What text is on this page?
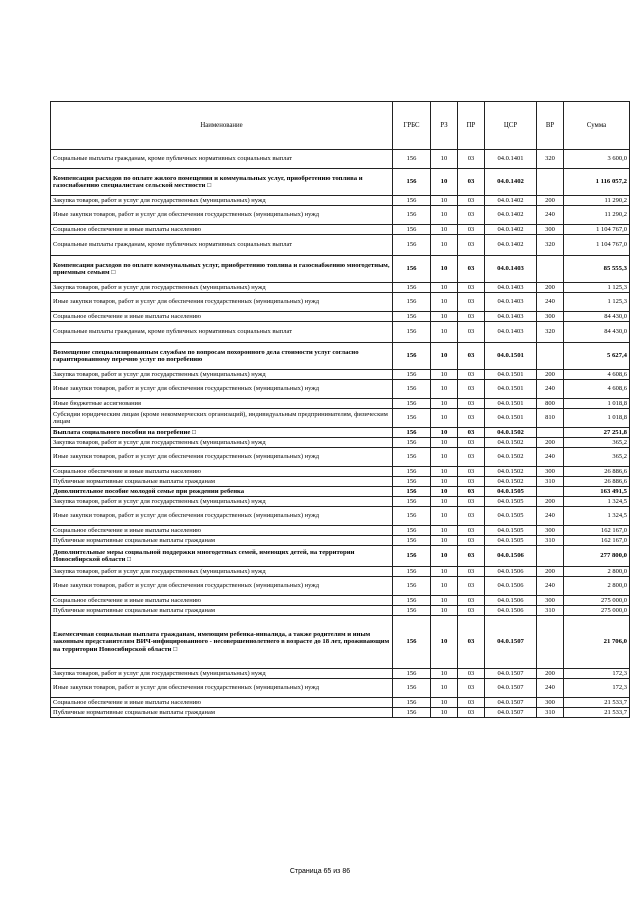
Наименование	ГРБС	РЗ	ПР	ЦСР	ВР	Сумма
Социальные выплаты гражданам, кроме публичных нормативных социальных выплат	156	10	03	04.0.1401	320	3 600,0
Компенсация расходов по оплате жилого помещения и коммунальных услуг, приобретению топлива и газоснабжению специалистам сельской местности □	156	10	03	04.0.1402		1 116 057,2
Закупка товаров, работ и услуг для государственных (муниципальных) нужд	156	10	03	04.0.1402	200	11 290,2
Иные закупки товаров, работ и услуг для обеспечения государственных (муниципальных) нужд	156	10	03	04.0.1402	240	11 290,2
Социальное обеспечение и иные выплаты населению	156	10	03	04.0.1402	300	1 104 767,0
Социальные выплаты гражданам, кроме публичных нормативных социальных выплат	156	10	03	04.0.1402	320	1 104 767,0
Компенсация расходов по оплате коммунальных услуг, приобретению топлива и газоснабжению многодетным, приемным семьям □	156	10	03	04.0.1403		85 555,3
Закупка товаров, работ и услуг для государственных (муниципальных) нужд	156	10	03	04.0.1403	200	1 125,3
Иные закупки товаров, работ и услуг для обеспечения государственных (муниципальных) нужд	156	10	03	04.0.1403	240	1 125,3
Социальное обеспечение и иные выплаты населению	156	10	03	04.0.1403	300	84 430,0
Социальные выплаты гражданам, кроме публичных нормативных социальных выплат	156	10	03	04.0.1403	320	84 430,0
Возмещение специализированным службам по вопросам похоронного дела стоимости услуг согласно гарантированному перечню услуг по погребению	156	10	03	04.0.1501		5 627,4
Закупка товаров, работ и услуг для государственных (муниципальных) нужд	156	10	03	04.0.1501	200	4 608,6
Иные закупки товаров, работ и услуг для обеспечения государственных (муниципальных) нужд	156	10	03	04.0.1501	240	4 608,6
Иные бюджетные ассигнования	156	10	03	04.0.1501	800	1 018,8
Субсидии юридическим лицам (кроме некоммерческих организаций), индивидуальным предпринимателям, физическим лицам	156	10	03	04.0.1501	810	1 018,8
Выплата социального пособия на погребение □	156	10	03	04.0.1502		27 251,8
Закупка товаров, работ и услуг для государственных (муниципальных) нужд	156	10	03	04.0.1502	200	365,2
Иные закупки товаров, работ и услуг для обеспечения государственных (муниципальных) нужд	156	10	03	04.0.1502	240	365,2
Социальное обеспечение и иные выплаты населению	156	10	03	04.0.1502	300	26 886,6
Публичные нормативные социальные выплаты гражданам	156	10	03	04.0.1502	310	26 886,6
Дополнительное пособие молодой семье при рождении ребенка	156	10	03	04.0.1505		163 491,5
Закупка товаров, работ и услуг для государственных (муниципальных) нужд	156	10	03	04.0.1505	200	1 324,5
Иные закупки товаров, работ и услуг для обеспечения государственных (муниципальных) нужд	156	10	03	04.0.1505	240	1 324,5
Социальное обеспечение и иные выплаты населению	156	10	03	04.0.1505	300	162 167,0
Публичные нормативные социальные выплаты гражданам	156	10	03	04.0.1505	310	162 167,0
Дополнительные меры социальной поддержки многодетных семей, имеющих детей, на территории Новосибирской области □	156	10	03	04.0.1506		277 800,0
Закупка товаров, работ и услуг для государственных (муниципальных) нужд	156	10	03	04.0.1506	200	2 800,0
Иные закупки товаров, работ и услуг для обеспечения государственных (муниципальных) нужд	156	10	03	04.0.1506	240	2 800,0
Социальное обеспечение и иные выплаты населению	156	10	03	04.0.1506	300	275 000,0
Публичные нормативные социальные выплаты гражданам	156	10	03	04.0.1506	310	275 000,0
Ежемесячная социальная выплата гражданам, имеющим ребенка-инвалида, а также родителям и иным законным представителям ВИЧ-инфицированного - несовершеннолетнего в возрасте до 18 лет, проживающим на территории Новосибирской области □	156	10	03	04.0.1507		21 706,0
Закупка товаров, работ и услуг для государственных (муниципальных) нужд	156	10	03	04.0.1507	200	172,3
Иные закупки товаров, работ и услуг для обеспечения государственных (муниципальных) нужд	156	10	03	04.0.1507	240	172,3
Социальное обеспечение и иные выплаты населению	156	10	03	04.0.1507	300	21 533,7
Публичные нормативные социальные выплаты гражданам	156	10	03	04.0.1507	310	21 533,7
Страница 65 из 86
